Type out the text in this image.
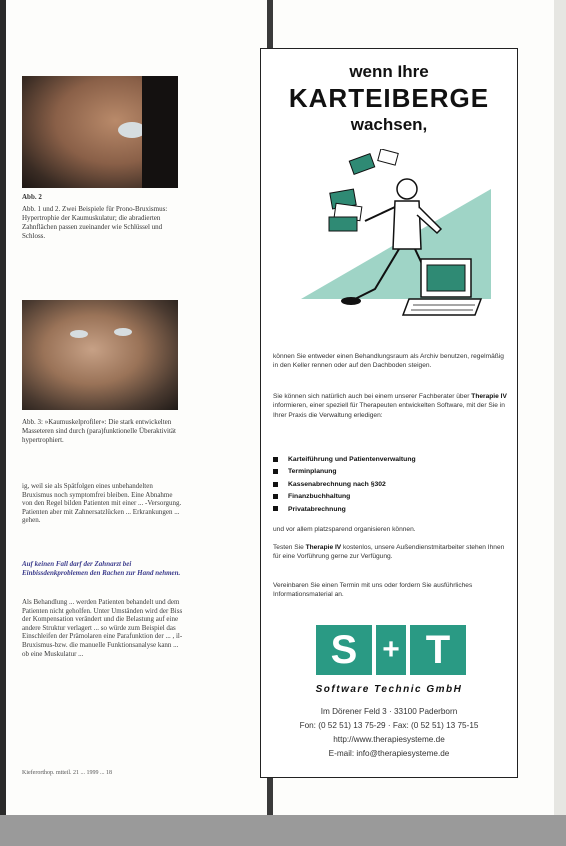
Abb. 2
Abb. 1 und 2. Zwei Beispiele für Prono-Bruxismus: Hypertrophie der Kaumuskulatur; die abradierten Zahnflächen passen zueinander wie Schlüssel und Schloss.
Abb. 3: »Kaumuskelprofiler«: Die stark entwickelten Masseteren sind durch (para)funktionelle Überaktivität hypertrophiert.
ig, weil sie als Spätfolgen eines unbehandelten Bruxismus noch symptomfrei bleiben. Eine Abnahme von den Regel bilden Patienten mit einer ... -Versorgung. Patienten aber mit Zahnersatzlücken ... Erkrankungen ... gehen.
Auf keinen Fall darf der Zahnarzt bei Einbissdenkproblemen den Rachen zur Hand nehmen.
Als Behandlung ... werden Patienten behandelt und dem Patienten nicht geholfen. Unter Umständen wird der Biss der Kompensation verändert und die Belastung auf eine andere Struktur verlagert ... so würde zum Beispiel das Einschleifen der Prämolaren eine Parafunktion der ... , il-Bruxismus-bzw. die manuelle Funktionsanalyse kann ... ob eine Muskulatur ...
Kieferorthop. mtteil. 21 ... 1999 ... 18
wenn Ihre
KARTEIBERGE
wachsen,
können Sie entweder einen Behandlungsraum als Archiv benutzen, regelmäßig in den Keller rennen oder auf den Dachboden steigen.
Sie können sich natürlich auch bei einem unserer Fachberater über Therapie IV informieren, einer speziell für Therapeuten entwickelten Software, mit der Sie in Ihrer Praxis die Verwaltung erledigen:
Karteiführung und Patientenverwaltung
Terminplanung
Kassenabrechnung nach §302
Finanzbuchhaltung
Privatabrechnung
und vor allem platzsparend organisieren können.
Testen Sie Therapie IV kostenlos, unsere Außendienstmitarbeiter stehen Ihnen für eine Vorführung gerne zur Verfügung.
Vereinbaren Sie einen Termin mit uns oder fordern Sie ausführliches Informationsmaterial an.
S + T
Software Technic GmbH
Im Dörener Feld 3 · 33100 Paderborn
Fon: (0 52 51) 13 75-29 · Fax: (0 52 51) 13 75-15
http://www.therapiesysteme.de
E-mail: info@therapiesysteme.de
